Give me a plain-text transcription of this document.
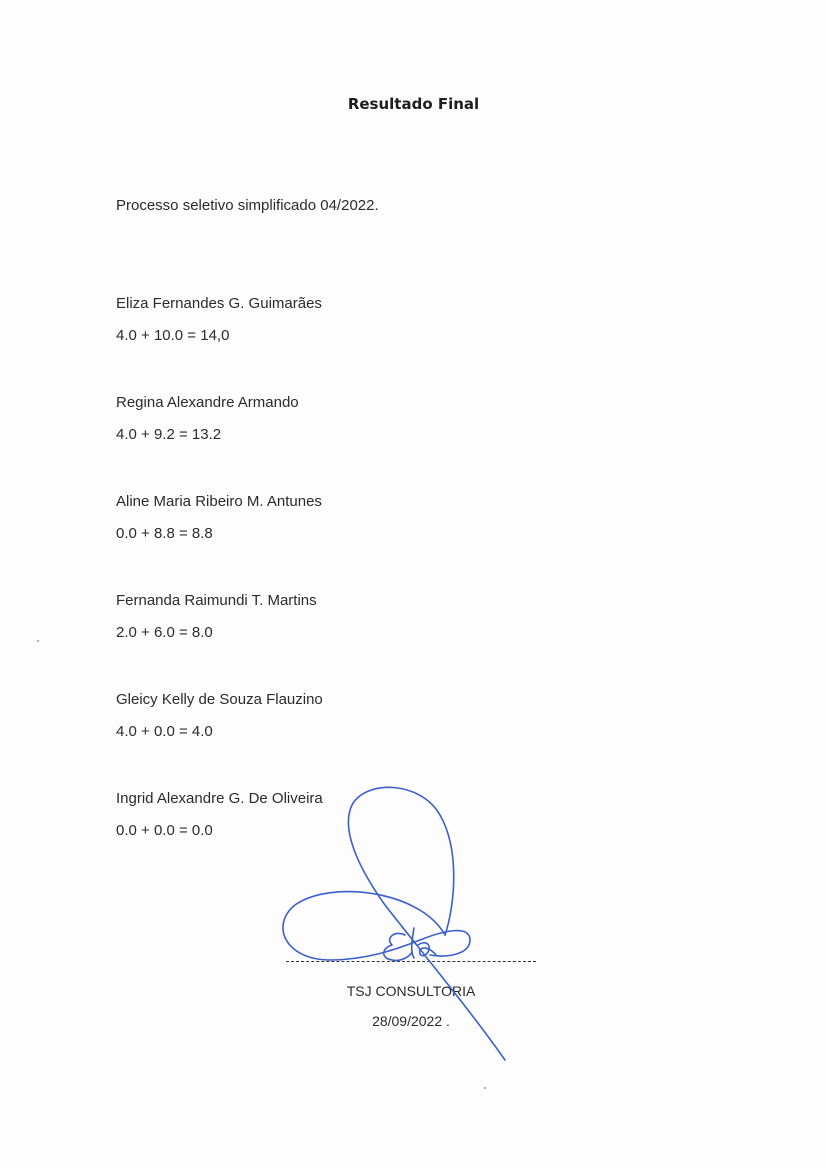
Resultado Final
Processo seletivo simplificado 04/2022.
Eliza Fernandes G. Guimarães
4.0 + 10.0 = 14,0
Regina Alexandre Armando
4.0 + 9.2 = 13.2
Aline Maria Ribeiro M. Antunes
0.0 + 8.8 = 8.8
Fernanda Raimundi T. Martins
2.0 + 6.0 = 8.0
Gleicy Kelly de Souza Flauzino
4.0 + 0.0 = 4.0
Ingrid Alexandre G. De Oliveira
0.0 + 0.0 = 0.0
TSJ CONSULTORIA
28/09/2022 .
